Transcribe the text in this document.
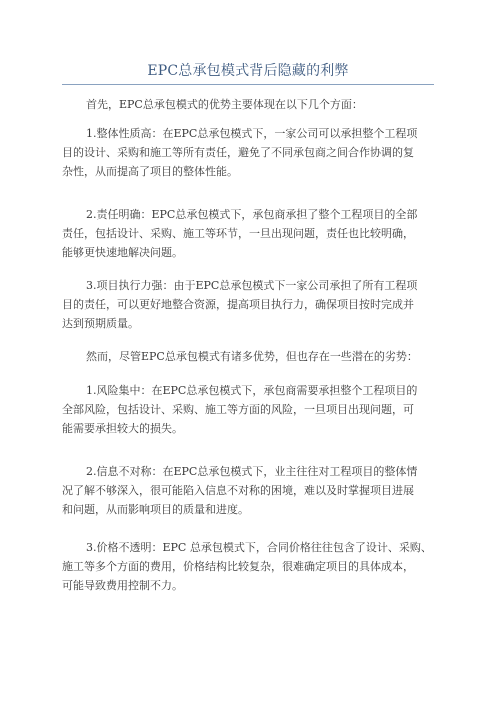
EPC总承包模式背后隐藏的利弊

首先，EPC总承包模式的优势主要体现在以下几个方面：

1.整体性质高：在EPC总承包模式下，一家公司可以承担整个工程项
目的设计、采购和施工等所有责任，避免了不同承包商之间合作协调的复
杂性，从而提高了项目的整体性能。

2.责任明确：EPC总承包模式下，承包商承担了整个工程项目的全部
责任，包括设计、采购、施工等环节，一旦出现问题，责任也比较明确，
能够更快速地解决问题。

3.项目执行力强：由于EPC总承包模式下一家公司承担了所有工程项
目的责任，可以更好地整合资源，提高项目执行力，确保项目按时完成并
达到预期质量。

然而，尽管EPC总承包模式有诸多优势，但也存在一些潜在的劣势：

1.风险集中：在EPC总承包模式下，承包商需要承担整个工程项目的
全部风险，包括设计、采购、施工等方面的风险，一旦项目出现问题，可
能需要承担较大的损失。

2.信息不对称：在EPC总承包模式下，业主往往对工程项目的整体情
况了解不够深入，很可能陷入信息不对称的困境，难以及时掌握项目进展
和问题，从而影响项目的质量和进度。

3.价格不透明：EPC 总承包模式下，合同价格往往包含了设计、采购、
施工等多个方面的费用，价格结构比较复杂，很难确定项目的具体成本，
可能导致费用控制不力。
